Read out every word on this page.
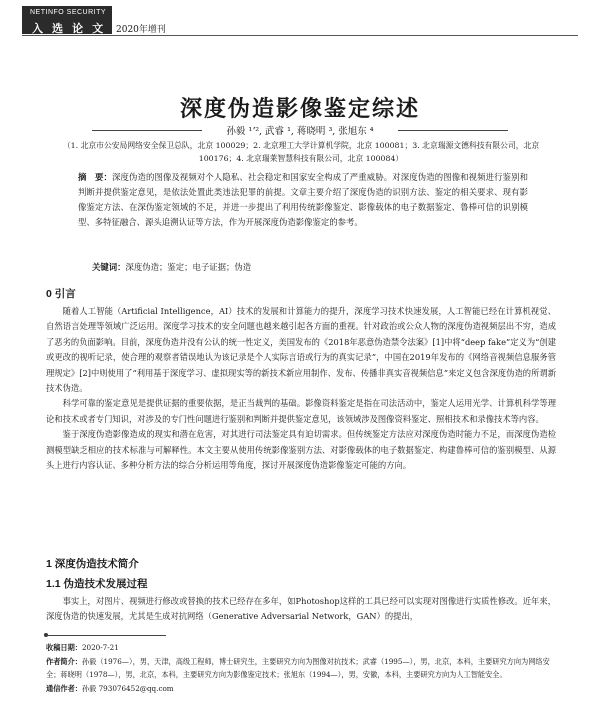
NETINFO SECURITY
入 选 论 文 2020年增刊
深度伪造影像鉴定综述
孙毅 ¹ʼ², 武睿 ¹, 蒋晓明 ³, 张旭东 ⁴
（1. 北京市公安局网络安全保卫总队，北京 100029；2. 北京理工大学计算机学院，北京 100081；3. 北京瑞源文德科技有限公司，北京 100176；4. 北京瑞莱智慧科技有限公司，北京 100084）
摘　要：深度伪造的图像及视频对个人隐私、社会稳定和国家安全构成了严重威胁。对深度伪造的图像和视频进行鉴别和判断并提供鉴定意见，是依法处置此类违法犯罪的前提。文章主要介绍了深度伪造的识别方法、鉴定的相关要求、现有影像鉴定方法、在深伪鉴定领域的不足，并进一步提出了利用传统影像鉴定、影像载体的电子数据鉴定、鲁棒可信的识别模型、多特征融合、源头追溯认证等方法，作为开展深度伪造影像鉴定的参考。
关键词：深度伪造；鉴定；电子证据；伪造
0 引言

随着人工智能（Artificial Intelligence，AI）技术的发展和计算能力的提升，深度学习技术快速发展，人工智能已经在计算机视觉、自然语言处理等领域广泛运用。深度学习技术的安全问题也越来越引起各方面的重视。针对政治或公众人物的深度伪造视频层出不穷，造成了恶劣的负面影响。目前，深度伪造并没有公认的统一性定义，美国发布的《2018年恶意伪造禁令法案》[1]中将“deep fake”定义为“创建或更改的视听记录，使合理的观察者错误地认为该记录是个人实际言语或行为的真实记录”，中国在2019年发布的《网络音视频信息服务管理规定》[2]中则使用了“利用基于深度学习、虚拟现实等的新技术新应用制作、发布、传播非真实音视频信息”来定义包含深度伪造的所谓新技术伪造。

科学可靠的鉴定意见是提供证据的重要依据，是正当裁判的基础。影像资料鉴定是指在司法活动中，鉴定人运用光学、计算机科学等理论和技术或者专门知识，对涉及的专门性问题进行鉴别和判断并提供鉴定意见，该领域涉及图像资料鉴定、照相技术和录像技术等内容。

鉴于深度伪造影像造成的现实和潜在危害，对其进行司法鉴定具有迫切需求。但传统鉴定方法应对深度伪造时能力不足，而深度伪造检测模型缺乏相应的技术标准与可解释性。本文主要从使用传统影像鉴别方法、对影像载体的电子数据鉴定、构建鲁棒可信的鉴别模型、从源头上进行内容认证、多种分析方法的综合分析运用等角度，探讨开展深度伪造影像鉴定可能的方向。

1 深度伪造技术简介
1.1 伪造技术发展过程

事实上，对图片、视频进行修改或替换的技术已经存在多年，如Photoshop这样的工具已经可以实现对图像进行实质性修改。近年来，深度伪造的快速发展，尤其是生成对抗网络（Generative Adversarial Network，GAN）的提出，

收稿日期：2020-7-21
作者简介：孙毅（1976—），男，天津，高级工程师，博士研究生，主要研究方向为图像对抗技术；武睿（1995—），男，北京，本科，主要研究方向为网络安全；蒋晓明（1978—），男，北京，本科，主要研究方向为影像鉴定技术；张旭东（1994—），男，安徽，本科，主要研究方向为人工智能安全。
通信作者：孙毅 793076452@qq.com
